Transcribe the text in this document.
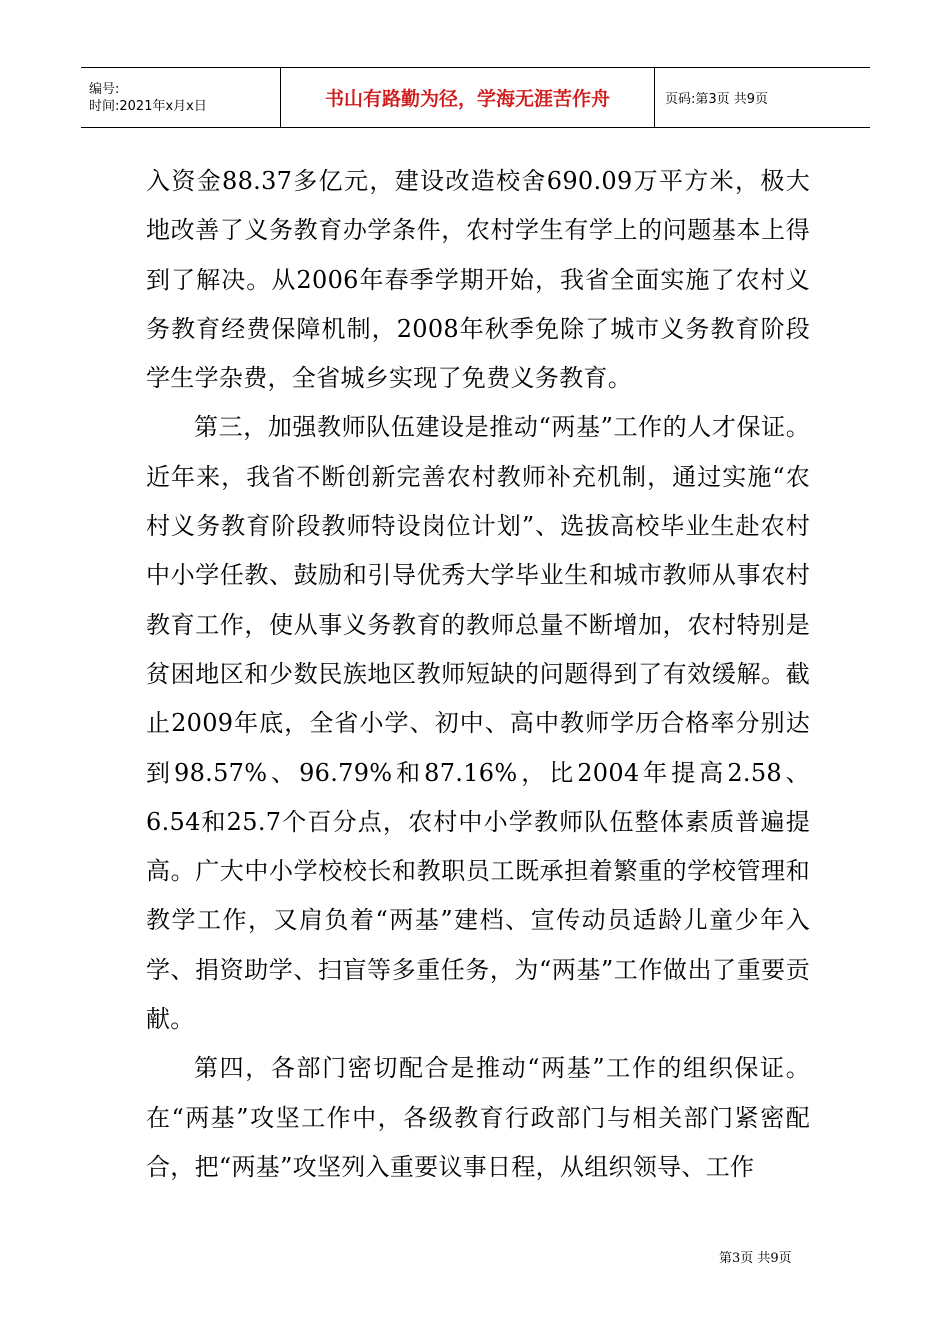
编号:
时间:2021年x月x日	书山有路勤为径，学海无涯苦作舟	页码:第3页 共9页

入资金88.37多亿元，建设改造校舍690.09万平方米，极大地改善了义务教育办学条件，农村学生有学上的问题基本上得到了解决。从2006年春季学期开始，我省全面实施了农村义务教育经费保障机制，2008年秋季免除了城市义务教育阶段学生学杂费，全省城乡实现了免费义务教育。

第三，加强教师队伍建设是推动“两基”工作的人才保证。近年来，我省不断创新完善农村教师补充机制，通过实施“农村义务教育阶段教师特设岗位计划”、选拔高校毕业生赴农村中小学任教、鼓励和引导优秀大学毕业生和城市教师从事农村教育工作，使从事义务教育的教师总量不断增加，农村特别是贫困地区和少数民族地区教师短缺的问题得到了有效缓解。截止2009年底，全省小学、初中、高中教师学历合格率分别达到98.57%、96.79%和87.16%，比2004年提高2.58、6.54和25.7个百分点，农村中小学教师队伍整体素质普遍提高。广大中小学校校长和教职员工既承担着繁重的学校管理和教学工作，又肩负着“两基”建档、宣传动员适龄儿童少年入学、捐资助学、扫盲等多重任务，为“两基”工作做出了重要贡献。

第四，各部门密切配合是推动“两基”工作的组织保证。在“两基”攻坚工作中，各级教育行政部门与相关部门紧密配合，把“两基”攻坚列入重要议事日程，从组织领导、工作

第3页 共9页
